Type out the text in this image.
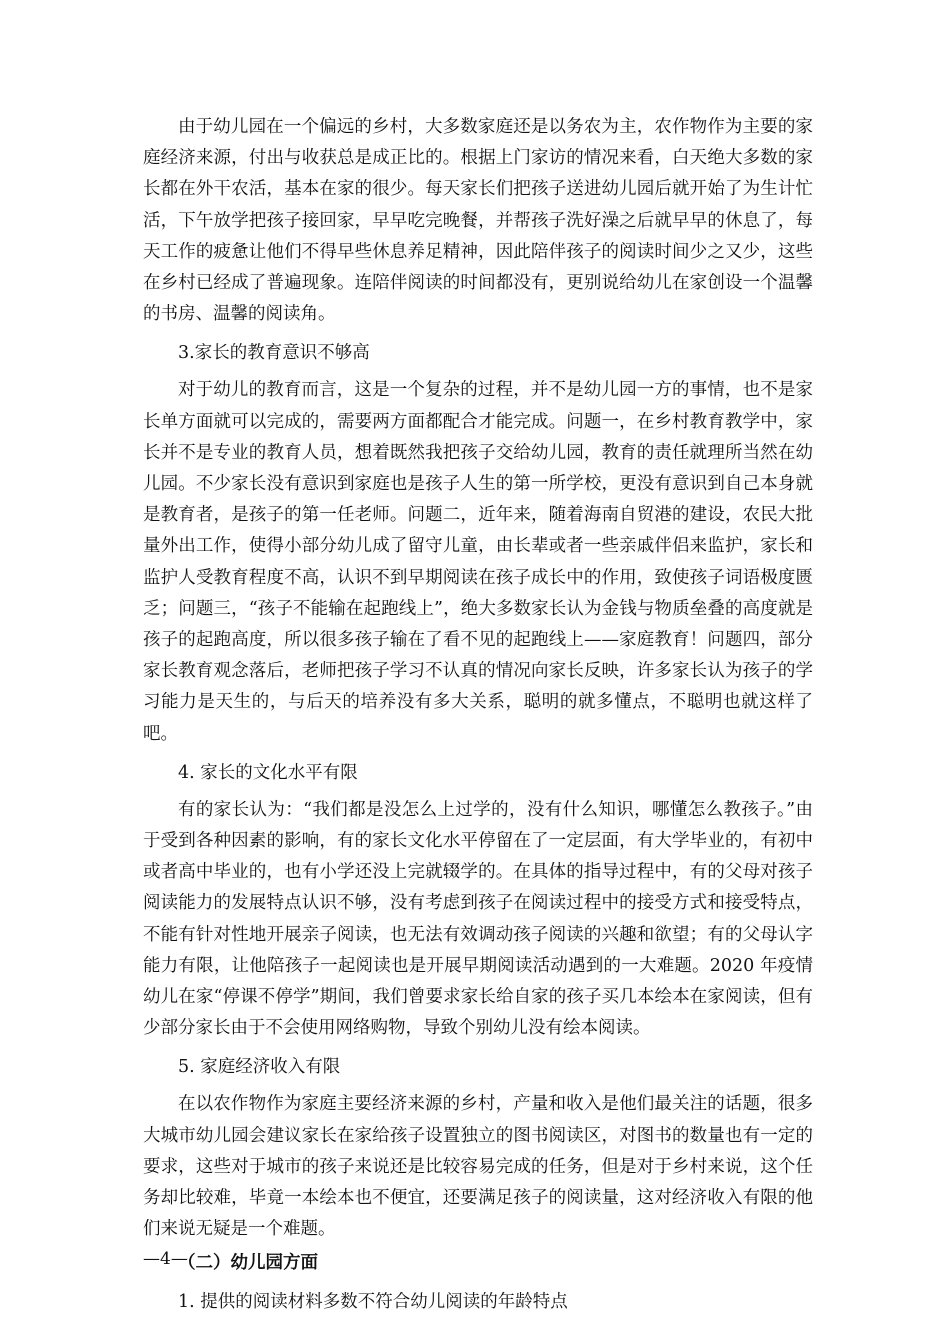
由于幼儿园在一个偏远的乡村，大多数家庭还是以务农为主，农作物作为主要的家庭经济来源，付出与收获总是成正比的。根据上门家访的情况来看，白天绝大多数的家长都在外干农活，基本在家的很少。每天家长们把孩子送进幼儿园后就开始了为生计忙活，下午放学把孩子接回家，早早吃完晚餐，并帮孩子洗好澡之后就早早的休息了，每天工作的疲惫让他们不得早些休息养足精神，因此陪伴孩子的阅读时间少之又少，这些在乡村已经成了普遍现象。连陪伴阅读的时间都没有，更别说给幼儿在家创设一个温馨的书房、温馨的阅读角。

3.家长的教育意识不够高

对于幼儿的教育而言，这是一个复杂的过程，并不是幼儿园一方的事情，也不是家长单方面就可以完成的，需要两方面都配合才能完成。问题一，在乡村教育教学中，家长并不是专业的教育人员，想着既然我把孩子交给幼儿园，教育的责任就理所当然在幼儿园。不少家长没有意识到家庭也是孩子人生的第一所学校，更没有意识到自己本身就是教育者，是孩子的第一任老师。问题二，近年来，随着海南自贸港的建设，农民大批量外出工作，使得小部分幼儿成了留守儿童，由长辈或者一些亲戚伴侣来监护，家长和监护人受教育程度不高，认识不到早期阅读在孩子成长中的作用，致使孩子词语极度匮乏；问题三，“孩子不能输在起跑线上”，绝大多数家长认为金钱与物质垒叠的高度就是孩子的起跑高度，所以很多孩子输在了看不见的起跑线上——家庭教育！问题四，部分家长教育观念落后，老师把孩子学习不认真的情况向家长反映，许多家长认为孩子的学习能力是天生的，与后天的培养没有多大关系，聪明的就多懂点，不聪明也就这样了吧。

4. 家长的文化水平有限

有的家长认为：“我们都是没怎么上过学的，没有什么知识，哪懂怎么教孩子。”由于受到各种因素的影响，有的家长文化水平停留在了一定层面，有大学毕业的，有初中或者高中毕业的，也有小学还没上完就辍学的。在具体的指导过程中，有的父母对孩子阅读能力的发展特点认识不够，没有考虑到孩子在阅读过程中的接受方式和接受特点，不能有针对性地开展亲子阅读，也无法有效调动孩子阅读的兴趣和欲望；有的父母认字能力有限，让他陪孩子一起阅读也是开展早期阅读活动遇到的一大难题。2020 年疫情幼儿在家“停课不停学”期间，我们曾要求家长给自家的孩子买几本绘本在家阅读，但有少部分家长由于不会使用网络购物，导致个别幼儿没有绘本阅读。

5. 家庭经济收入有限

在以农作物作为家庭主要经济来源的乡村，产量和收入是他们最关注的话题，很多大城市幼儿园会建议家长在家给孩子设置独立的图书阅读区，对图书的数量也有一定的要求，这些对于城市的孩子来说还是比较容易完成的任务，但是对于乡村来说，这个任务却比较难，毕竟一本绘本也不便宜，还要满足孩子的阅读量，这对经济收入有限的他们来说无疑是一个难题。

（二）幼儿园方面

1. 提供的阅读材料多数不符合幼儿阅读的年龄特点

—4—
